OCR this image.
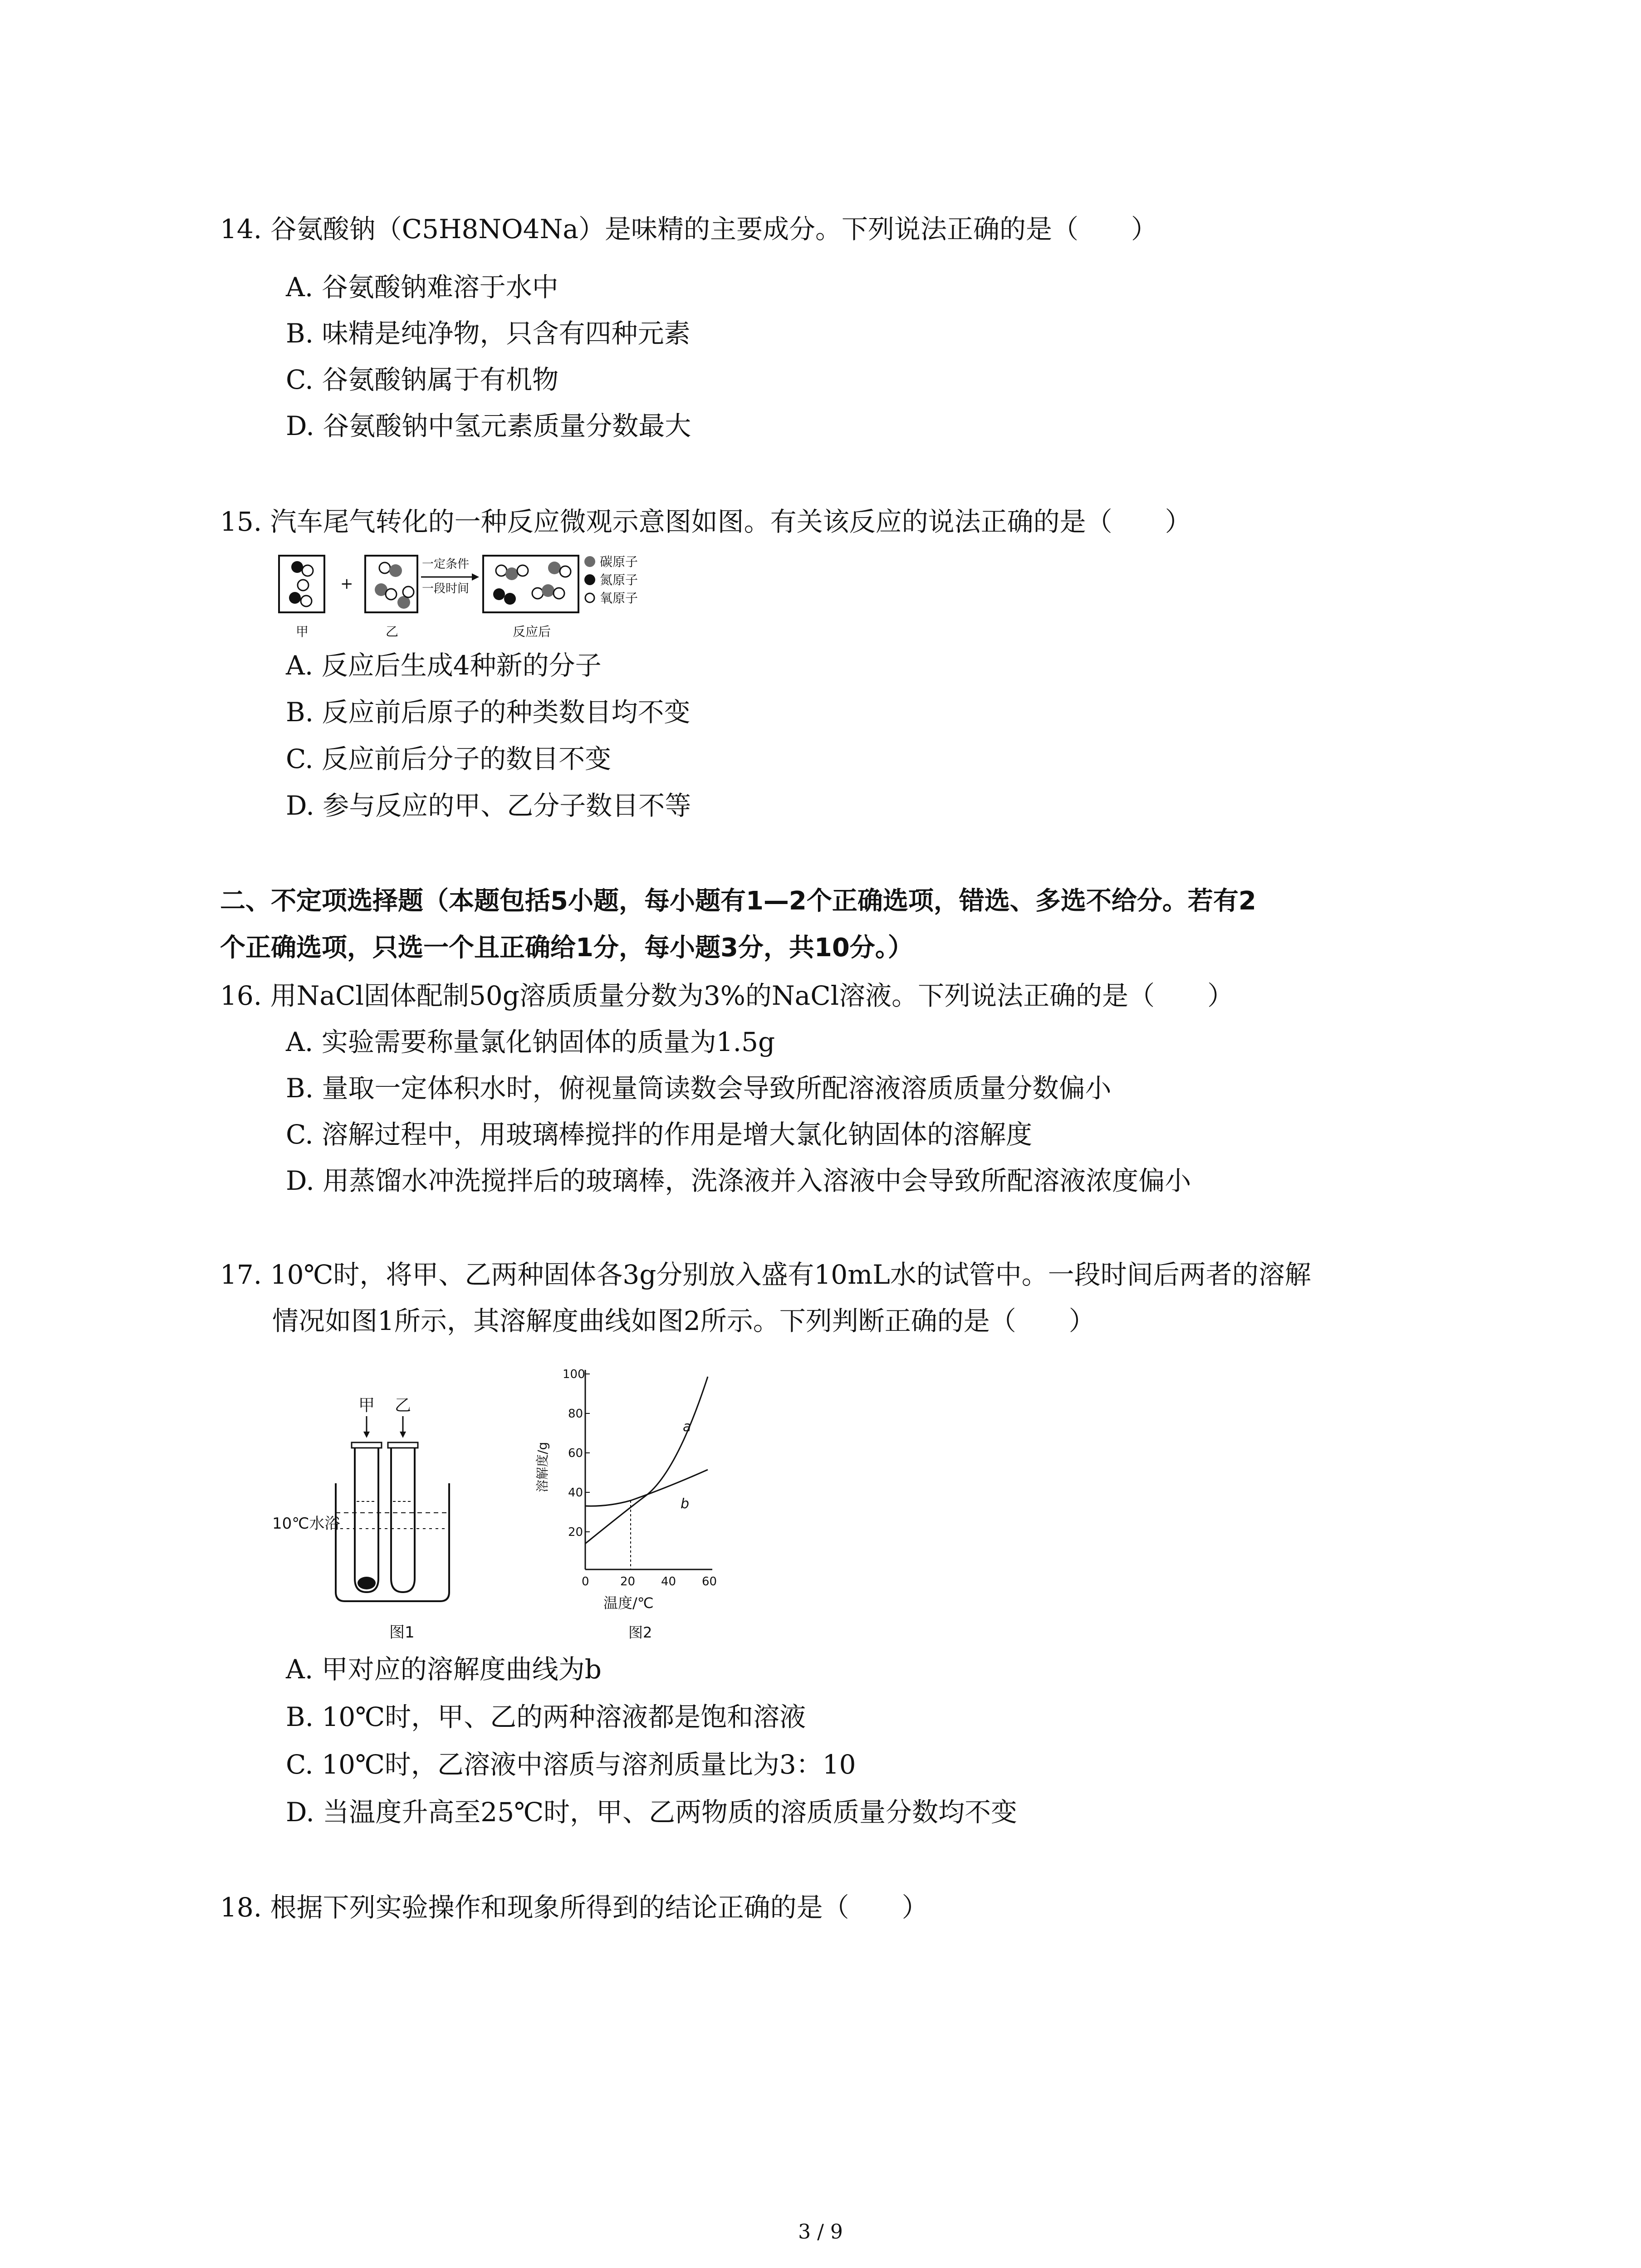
14. 谷氨酸钠（C5H8NO4Na）是味精的主要成分。下列说法正确的是（　　）
A. 谷氨酸钠难溶于水中
B. 味精是纯净物，只含有四种元素
C. 谷氨酸钠属于有机物
D. 谷氨酸钠中氢元素质量分数最大
15. 汽车尾气转化的一种反应微观示意图如图。有关该反应的说法正确的是（　　）
+
一定条件
一段时间
碳原子
氮原子
氧原子
甲	乙	反应后
A. 反应后生成4种新的分子
B. 反应前后原子的种类数目均不变
C. 反应前后分子的数目不变
D. 参与反应的甲、乙分子数目不等
二、不定项选择题（本题包括5小题，每小题有1—2个正确选项，错选、多选不给分。若有2
个正确选项，只选一个且正确给1分，每小题3分，共10分。）
16. 用NaCl固体配制50g溶质质量分数为3%的NaCl溶液。下列说法正确的是（　　）
A. 实验需要称量氯化钠固体的质量为1.5g
B. 量取一定体积水时，俯视量筒读数会导致所配溶液溶质质量分数偏小
C. 溶解过程中，用玻璃棒搅拌的作用是增大氯化钠固体的溶解度
D. 用蒸馏水冲洗搅拌后的玻璃棒，洗涤液并入溶液中会导致所配溶液浓度偏小
17. 10℃时，将甲、乙两种固体各3g分别放入盛有10mL水的试管中。一段时间后两者的溶解
情况如图1所示，其溶解度曲线如图2所示。下列判断正确的是（　　）
甲 乙
10℃水浴
图1
100
80
60
40
20
0	20 40 60
溶解度/g
a
b
温度/℃
图2
A. 甲对应的溶解度曲线为b
B. 10℃时，甲、乙的两种溶液都是饱和溶液
C. 10℃时，乙溶液中溶质与溶剂质量比为3：10
D. 当温度升高至25℃时，甲、乙两物质的溶质质量分数均不变
18. 根据下列实验操作和现象所得到的结论正确的是（　　）
3 / 9
